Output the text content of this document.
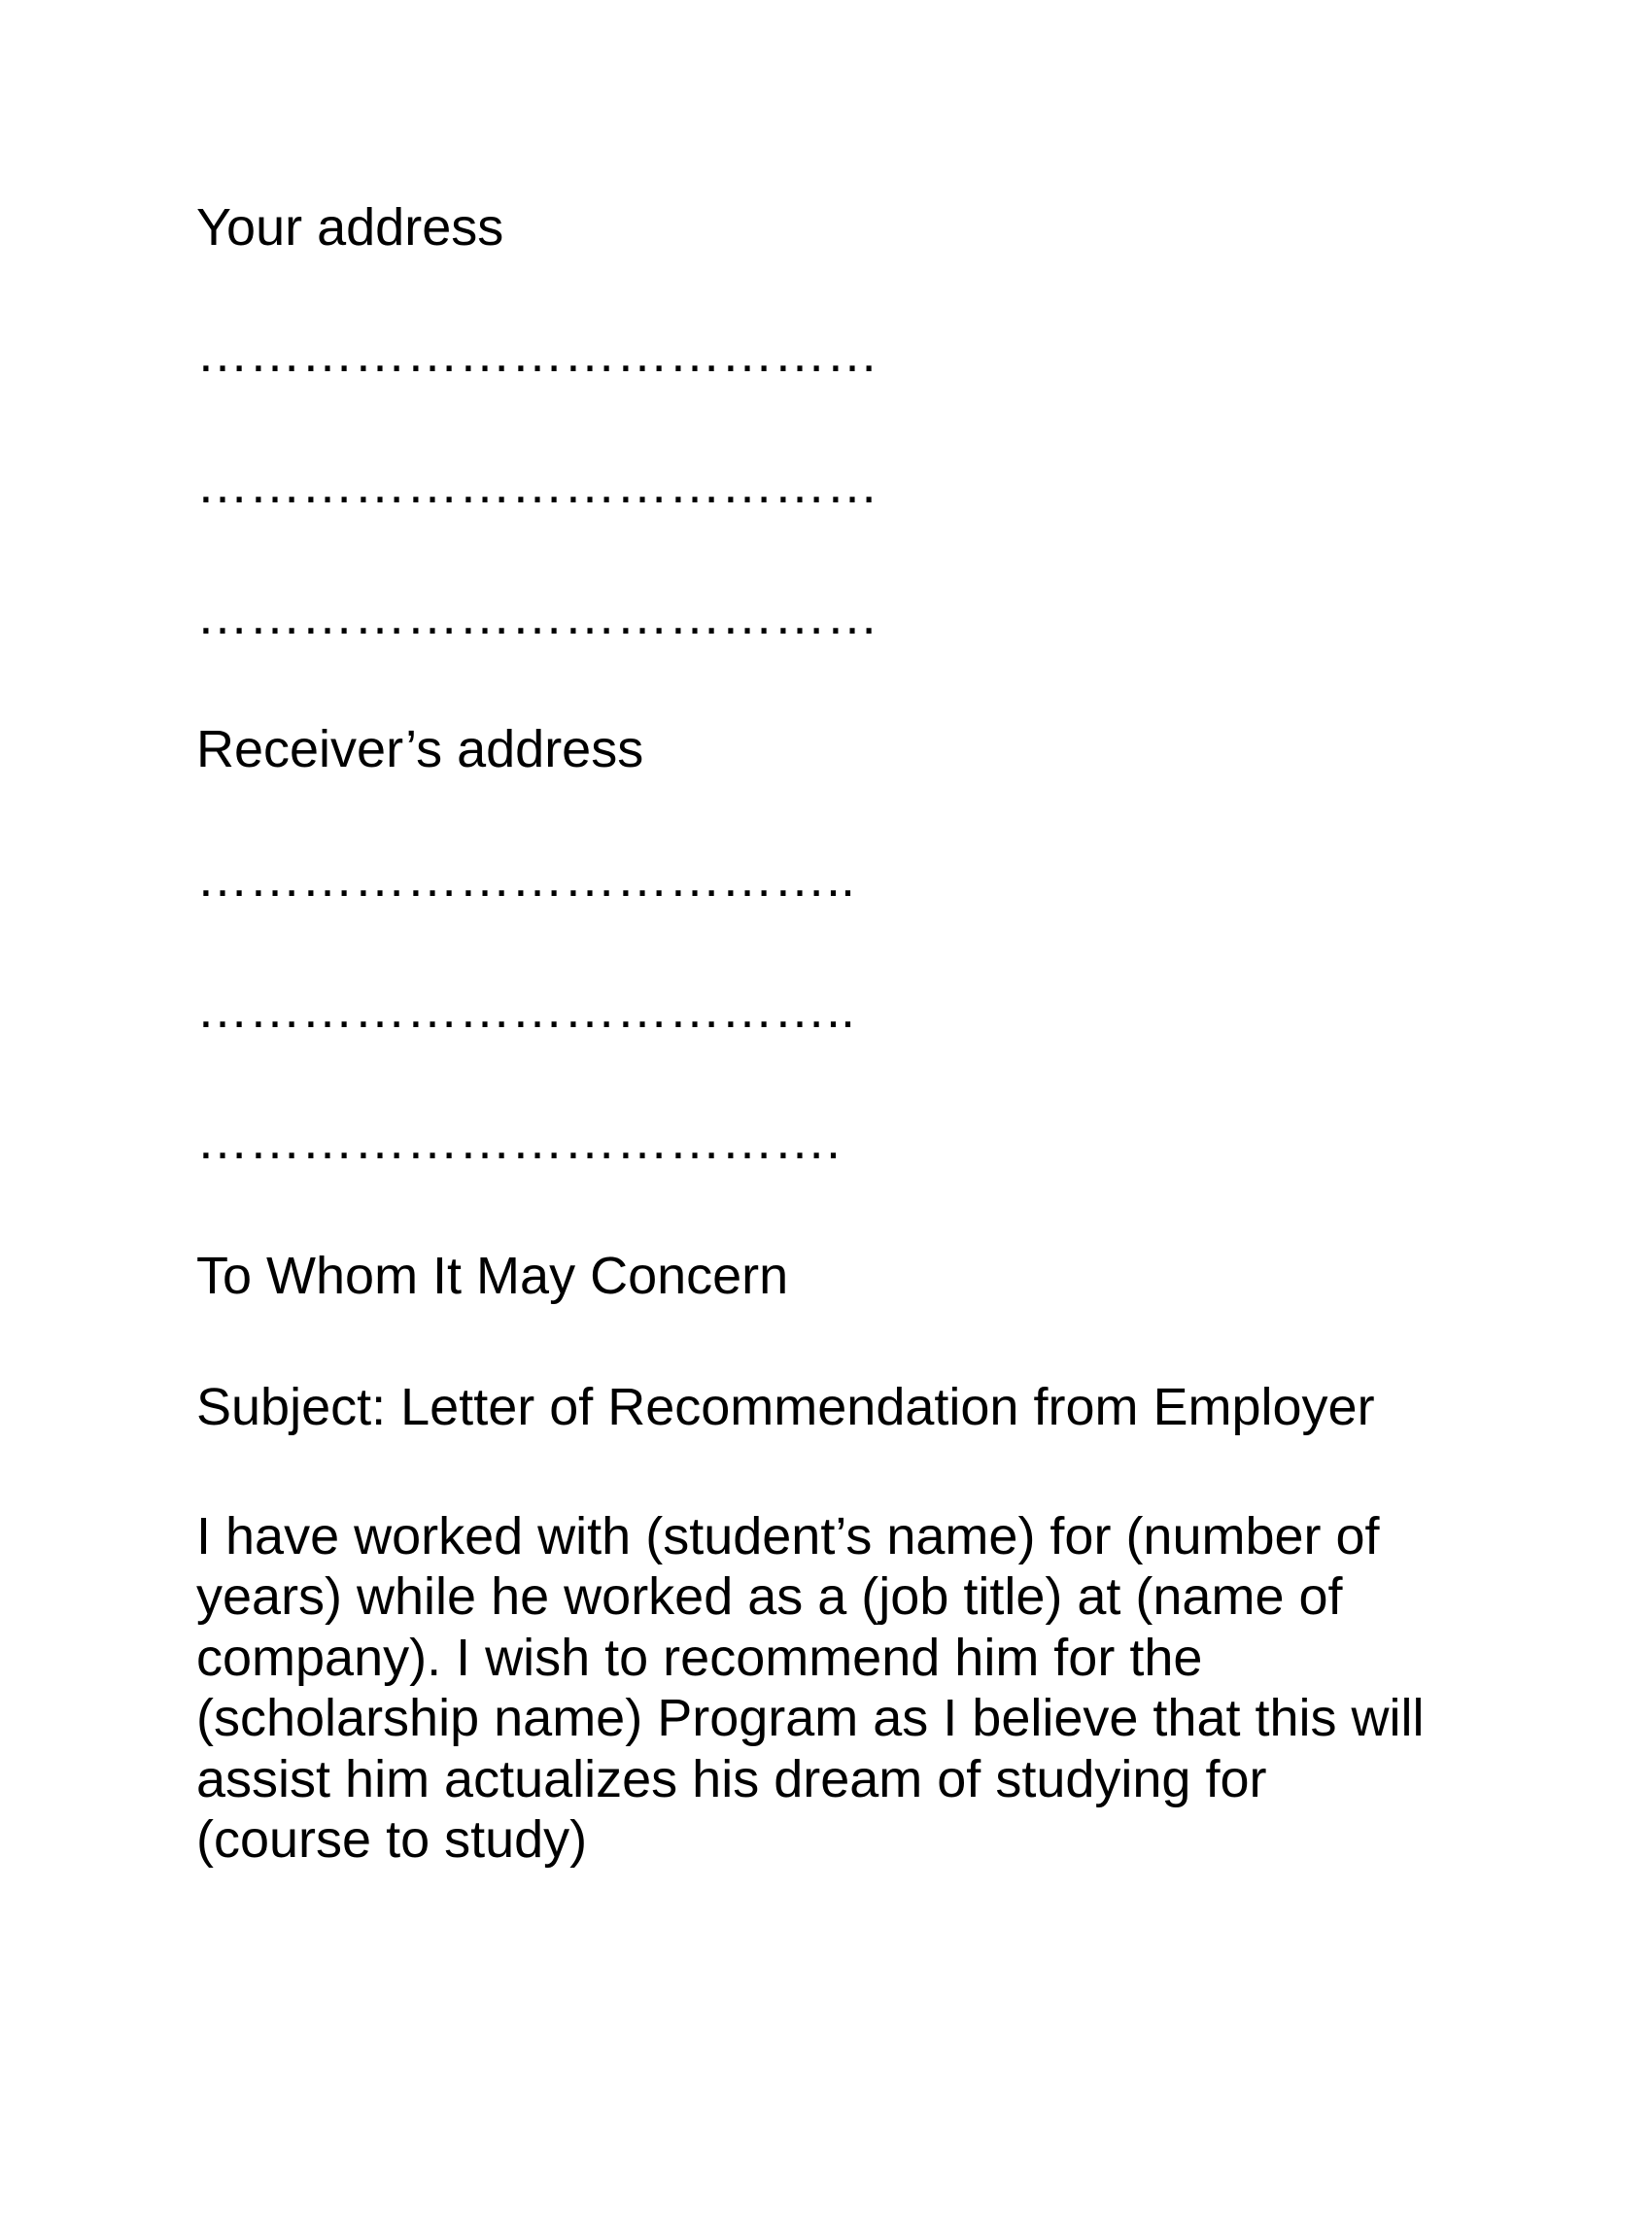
Your address

…………………………………

…………………………………

…………………………………

Receiver’s address

………………………………..

………………………………..

……………………………….

To Whom It May Concern

Subject: Letter of Recommendation from Employer

I have worked with (student’s name) for (number of
years) while he worked as a (job title) at (name of
company). I wish to recommend him for the
(scholarship name) Program as I believe that this will
assist him actualizes his dream of studying for
(course to study)
